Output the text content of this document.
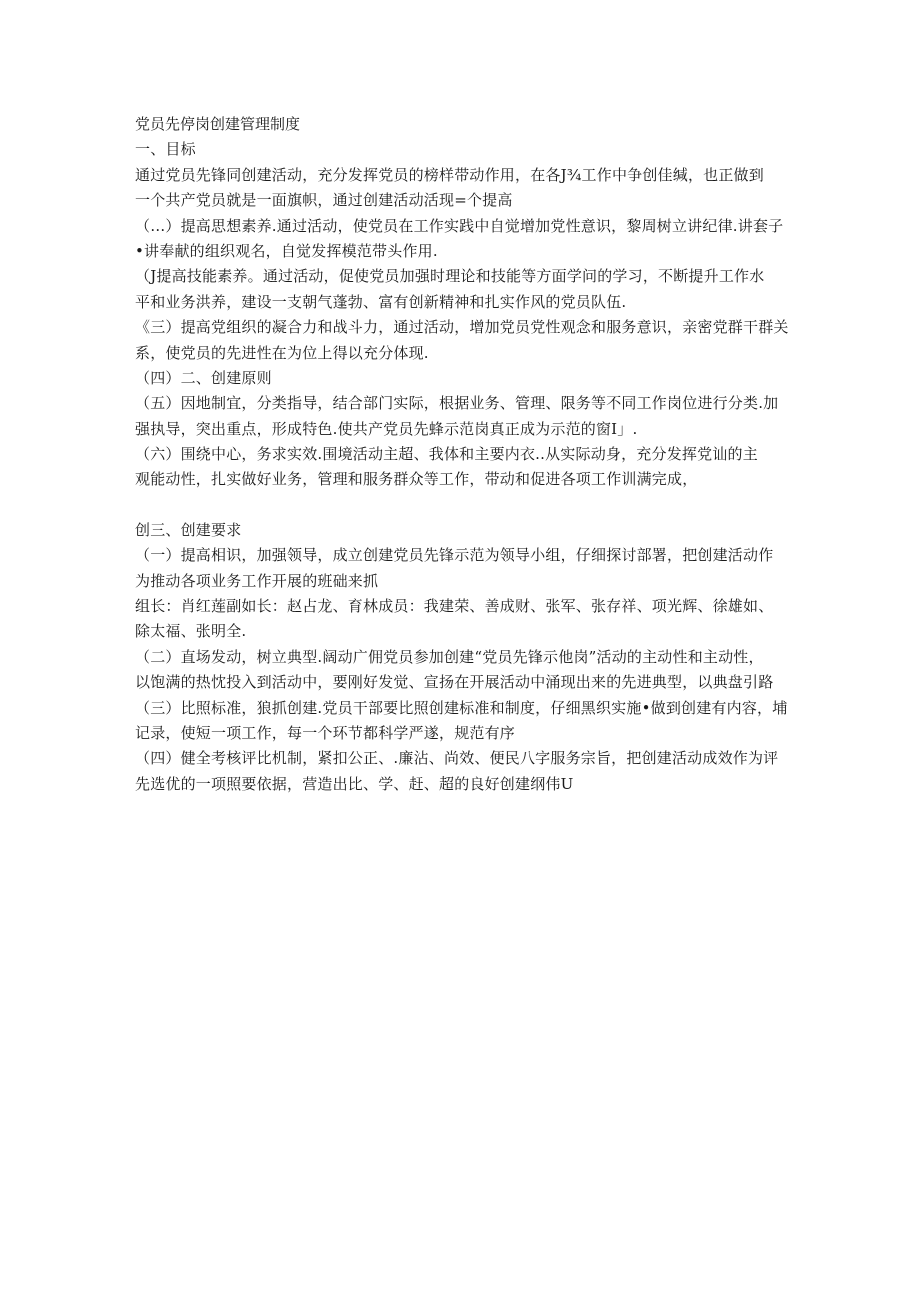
党员先停岗创建管理制度
一、目标
通过党员先锋同创建活动，充分发挥党员的榜样带动作用，在各J¾工作中争创佳缄，也正做到
一个共产党员就是一面旗帜，通过创建活动活现=个提高
（…）提高思想素养.通过活动，使党员在工作实践中自觉增加党性意识，黎周树立讲纪律.讲套子
•讲奉献的组织观名，自觉发挥模范带头作用.
（J提高技能素养。通过活动，促使党员加强时理论和技能等方面学问的学习，不断提升工作水
平和业务洪养，建设一支朝气蓬勃、富有创新精神和扎实作风的党员队伍.
《三）提高党组织的凝合力和战斗力，通过活动，增加党员党性观念和服务意识，亲密党群干群关
系，使党员的先进性在为位上得以充分体现.
（四）二、创建原则
（五）因地制宜，分类指导，结合部门实际，根据业务、管理、限务等不同工作岗位进行分类.加
强执导，突出重点，形成特色.使共产党员先蜂示范岗真正成为示范的窗I」.
（六）围绕中心，务求实效.围境活动主超、我体和主要内衣..从实际动身，充分发挥党讪的主
观能动性，扎实做好业务，管理和服务群众等工作，带动和促进各项工作训满完成，
创三、创建要求
（一）提高相识，加强领导，成立创建党员先锋示范为领导小组，仔细探讨部署，把创建活动作
为推动各项业务工作开展的班础来抓
组长：肖红莲副如长：赵占龙、育林成员：我建荣、善成财、张军、张存祥、项光辉、徐雄如、
除太福、张明全.
（二）直场发动，树立典型.阔动广佣党员参加创建“党员先锋示他岗”活动的主动性和主动性，
以饱满的热忱投入到活动中，要刚好发觉、宣扬在开展活动中涌现出来的先进典型，以典盘引路
（三）比照标准，狼抓创建.党员干部要比照创建标准和制度，仔细黑织实施•做到创建有内容，埔
记录，使短一项工作，每一个环节都科学严遂，规范有序
（四）健全考核评比机制，紧扣公正、.廉沾、尚效、便民八字服务宗旨，把创建活动成效作为评
先选优的一项照要依据，营造出比、学、赶、超的良好创建纲伟U
